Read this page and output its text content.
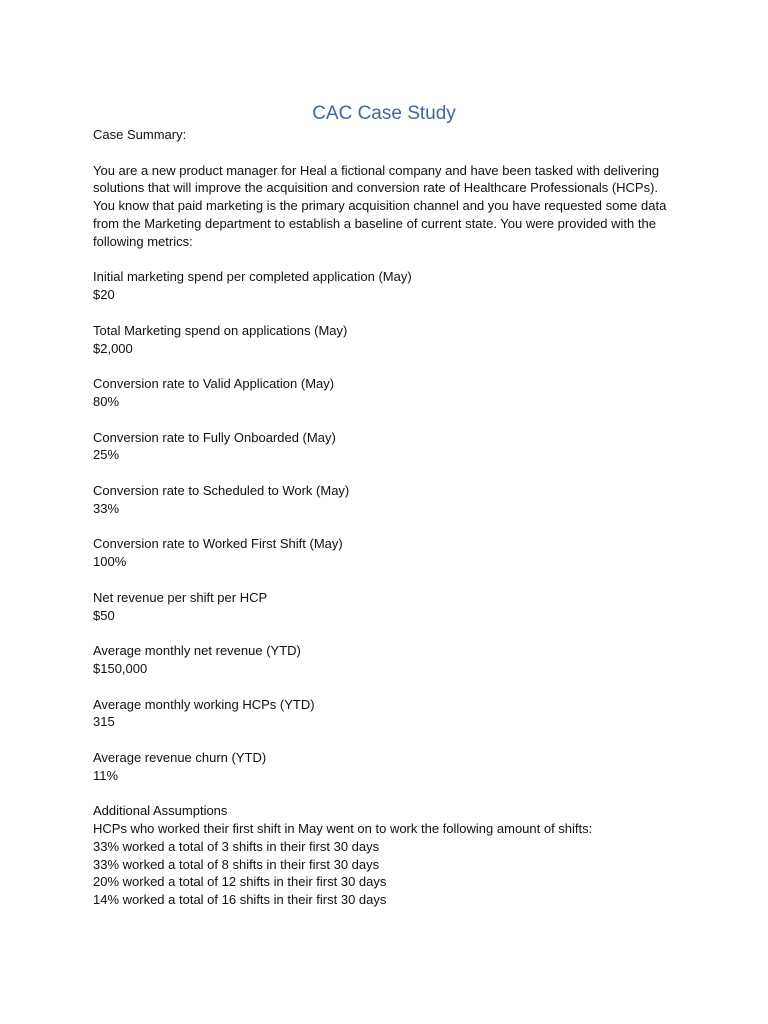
CAC Case Study

Case Summary:

You are a new product manager for Heal a fictional company and have been tasked with delivering solutions that will improve the acquisition and conversion rate of Healthcare Professionals (HCPs). You know that paid marketing is the primary acquisition channel and you have requested some data from the Marketing department to establish a baseline of current state. You were provided with the following metrics:

Initial marketing spend per completed application (May)
$20
Total Marketing spend on applications (May)
$2,000
Conversion rate to Valid Application (May)
80%
Conversion rate to Fully Onboarded (May)
25%
Conversion rate to Scheduled to Work (May)
33%
Conversion rate to Worked First Shift (May)
100%
Net revenue per shift per HCP
$50
Average monthly net revenue (YTD)
$150,000
Average monthly working HCPs (YTD)
315
Average revenue churn (YTD)
11%

Additional Assumptions

HCPs who worked their first shift in May went on to work the following amount of shifts:

33% worked a total of 3 shifts in their first 30 days
33% worked a total of 8 shifts in their first 30 days
20% worked a total of 12 shifts in their first 30 days
14% worked a total of 16 shifts in their first 30 days
